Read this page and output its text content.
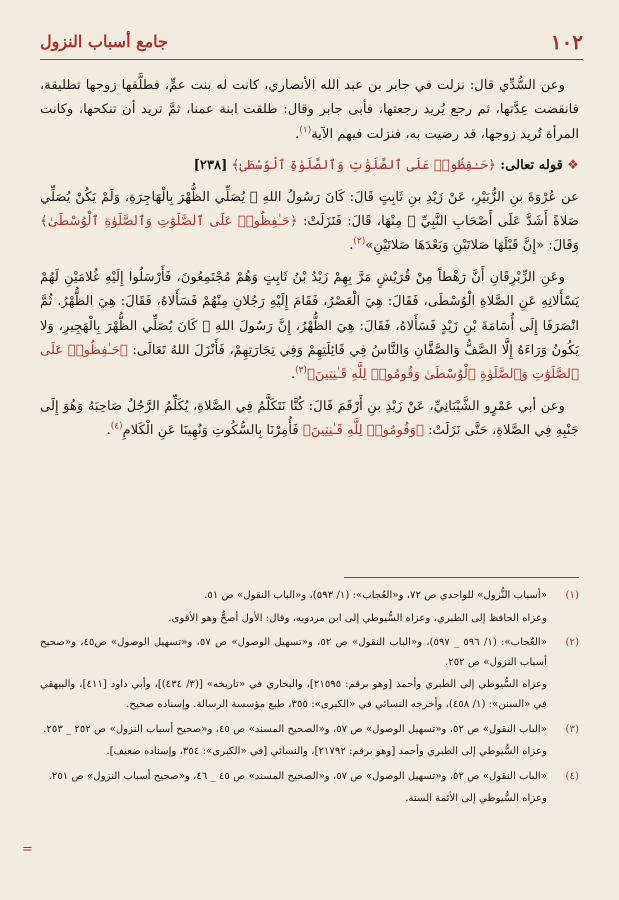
١٠٢
جامع أسباب النزول

وعن السُّدِّي قال: نزلت في جابر بن عبد الله الأنصاري، كانت له بنت عمٍّ، فطلَّقها زوجها تطليقة، فانقضت عِدَّتها، ثم رجع يُريد رجعتها، فأبى جابر وقال: طلقت ابنة عمنا، ثمَّ تريد أن تنكحها، وكانت المرأة تُريد زوجها، قد رضيت به، فنزلت فيهم الآية$^{(١)}$.

❖ قوله تعالى: ﴿حَـٰفِظُوا۟ عَلَى ٱلصَّلَوَٰتِ وَٱلصَّلَوٰةِ ٱلْوُسْطَىٰ﴾ [٢٣٨]

عن عُرْوَةَ بنِ الزُّبَيْرِ، عَنْ زَيْدِ بنِ ثَابِتٍ قَالَ: كَانَ رَسُولُ اللهِ ﷺ يُصَلِّي الظُّهْرَ بِالْهَاجِرَةِ، وَلَمْ يَكُنْ يُصَلِّي صَلاةً أَشَدَّ عَلَى أَصْحَابِ النَّبِيِّ ﷺ مِنْهَا، قَالَ: فَنَزَلَتْ: ﴿حَـٰفِظُوا۟ عَلَى ٱلصَّلَوَٰتِ وَٱلصَّلَوٰةِ ٱلْوُسْطَىٰ﴾ وَقَالَ: «إِنَّ قَبْلَهَا صَلاتَيْنِ وَبَعْدَهَا صَلاتَيْنِ»$^{(٢)}$.

وعَنِ الزِّبْرِقَانِ أَنَّ رَهْطاً مِنْ قُرَيْشٍ مَرَّ بِهِمْ زَيْدُ بْنُ ثَابِتٍ وَهُمْ مُجْتَمِعُونَ، فَأَرْسَلُوا إِلَيْهِ غُلامَيْنِ لَهُمْ يَسْأَلانِهِ عَنِ الصَّلاةِ الْوُسْطَى، فَقَالَ: هِيَ الْعَصْرُ، فَقَامَ إِلَيْهِ رَجُلانِ مِنْهُمْ فَسَأَلاهُ، فَقَالَ: هِيَ الظُّهْرُ. ثُمَّ انْصَرَفَا إِلَى أُسَامَةَ بْنِ زَيْدٍ فَسَأَلاهُ، فَقَالَ: هِيَ الظُّهْرُ، إِنَّ رَسُولَ اللهِ ﷺ كَانَ يُصَلِّي الظُّهْرَ بِالْهَجِيرِ، وَلا يَكُونُ وَرَاءَهُ إِلَّا الصَّفُّ وَالصَّفَّانِ وَالنَّاسُ فِي قَائِلَتِهِمْ وَفِي تِجَارَتِهِمْ، فَأَنْزَلَ اللهُ تَعَالَى: ﴿حَـٰفِظُوا۟ عَلَى ٱلصَّلَوَٰتِ وَٱلصَّلَوٰةِ ٱلْوُسْطَىٰ وَقُومُوا۟ لِلَّهِ قَـٰنِتِينَ﴾$^{(٣)}$.

وعن أبي عَمْرٍو الشَّيْبَانِيِّ، عَنْ زَيْدِ بنِ أَرْقَمَ قَالَ: كُنَّا نَتَكَلَّمُ فِي الصَّلاةِ، يُكَلِّمُ الرَّجُلُ صَاحِبَهُ وَهُوَ إِلَى جَنْبِهِ فِي الصَّلاةِ، حَتَّى نَزَلَتْ: ﴿وَقُومُوا۟ لِلَّهِ قَـٰنِتِينَ﴾ فَأُمِرْنَا بِالسُّكُوتِ وَنُهِينَا عَنِ الْكَلامِ$^{(٤)}$.

(١)

«أسباب النُّزول» للواحدي ص ٧٢، و«العُجاب»: (١/ ٥٩٣)، و«الباب النقول» ص ٥١.

وعزاه الحافظ إلى الطبري، وعزاه السُّيوطي إلى ابن مردويه، وقال: الأول أصحُّ وهو الأقوى.

(٢)

«العُجاب»: (١/ ٥٩٦ _ ٥٩٧)، و«الباب النقول» ص ٥٢، و«تسهيل الوصول» ص ٥٧، و«تسهيل الوصول» ص٤٥، و«صحيح أسباب النزول» ص ٢٥٢.

وعزاه السُّيوطي إلى الطبري وأحمد [وهو برقم: ٢١٥٩٥]، والبخاري في «تاريخه» [(٣/ ٤٣٤)]، وأبي داود [٤١١]، والبيهقي في «السنن»: (١/ ٤٥٨)، وأخرجه النسائي في «الكبرى»: ٣٥٥، طبع مؤسسة الرسالة. وإسناده صحيح.

(٣)

«الباب النقول» ص ٥٢، و«تسهيل الوصول» ص ٥٧، و«الصحيح المسند» ص ٤٥، و«صحيح أسباب النزول» ص ٢٥٢ _ ٢٥٣.

وعزاه السُّيوطي إلى الطبري وأحمد [وهو برقم: ٢١٧٩٢]، والنسائي [في «الكبرى»: ٣٥٤، وإسناده ضعيف].

(٤)

«الباب النقول» ص ٥٢، و«تسهيل الوصول» ص ٥٧، و«الصحيح المسند» ص ٤٥ _ ٤٦، و«صحيح أسباب النزول» ص ٢٥١.

وعزاه السُّيوطي إلى الأئمة الستة.

=
